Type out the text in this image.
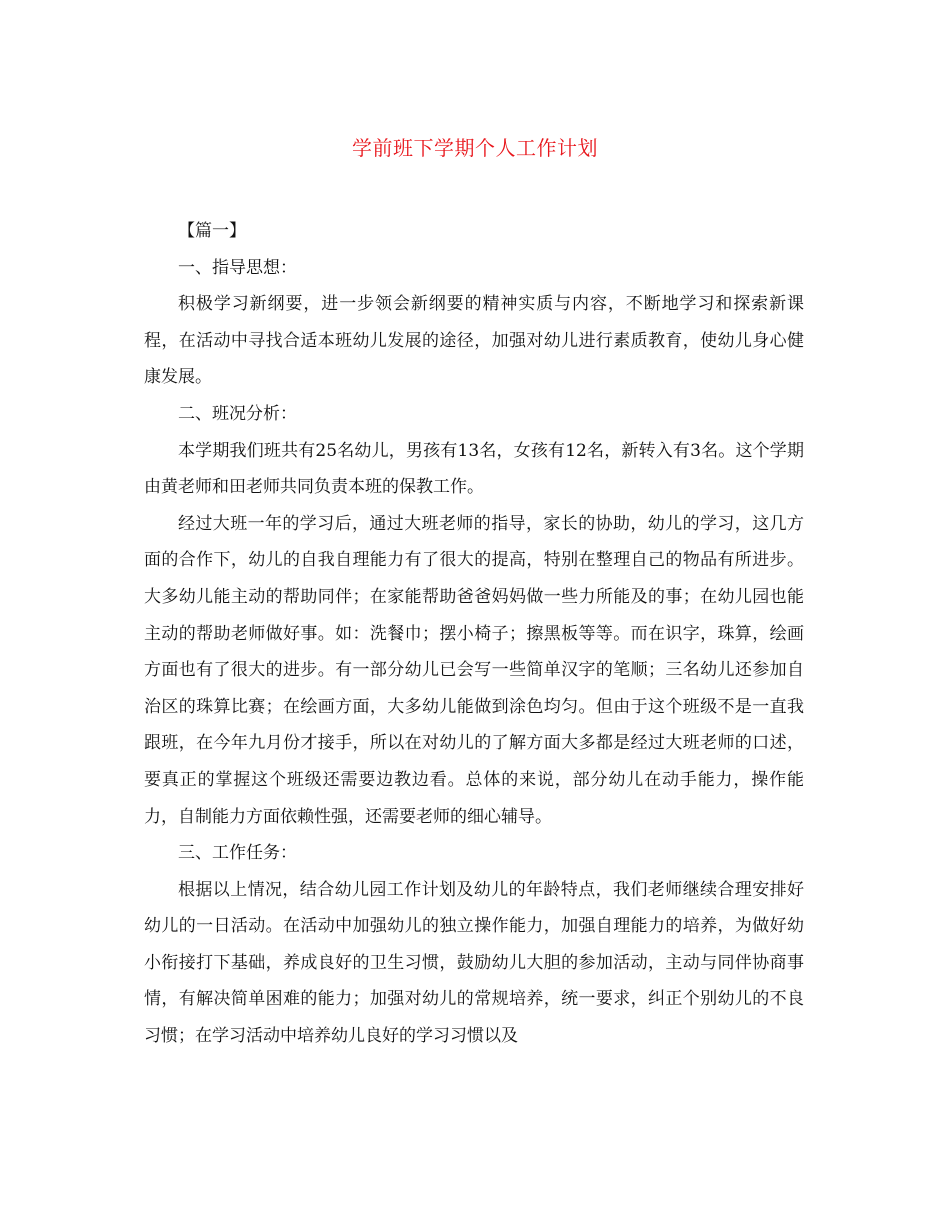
学前班下学期个人工作计划

【篇一】

一、指导思想：

积极学习新纲要，进一步领会新纲要的精神实质与内容，不断地学习和探索新课程，在活动中寻找合适本班幼儿发展的途径，加强对幼儿进行素质教育，使幼儿身心健康发展。

二、班况分析：

本学期我们班共有25名幼儿，男孩有13名，女孩有12名，新转入有3名。这个学期由黄老师和田老师共同负责本班的保教工作。

经过大班一年的学习后，通过大班老师的指导，家长的协助，幼儿的学习，这几方面的合作下，幼儿的自我自理能力有了很大的提高，特别在整理自己的物品有所进步。大多幼儿能主动的帮助同伴；在家能帮助爸爸妈妈做一些力所能及的事；在幼儿园也能主动的帮助老师做好事。如：洗餐巾；摆小椅子；擦黑板等等。而在识字，珠算，绘画方面也有了很大的进步。有一部分幼儿已会写一些简单汉字的笔顺；三名幼儿还参加自治区的珠算比赛；在绘画方面，大多幼儿能做到涂色均匀。但由于这个班级不是一直我跟班，在今年九月份才接手，所以在对幼儿的了解方面大多都是经过大班老师的口述，要真正的掌握这个班级还需要边教边看。总体的来说，部分幼儿在动手能力，操作能力，自制能力方面依赖性强，还需要老师的细心辅导。

三、工作任务：

根据以上情况，结合幼儿园工作计划及幼儿的年龄特点，我们老师继续合理安排好幼儿的一日活动。在活动中加强幼儿的独立操作能力，加强自理能力的培养，为做好幼小衔接打下基础，养成良好的卫生习惯，鼓励幼儿大胆的参加活动，主动与同伴协商事情，有解决简单困难的能力；加强对幼儿的常规培养，统一要求，纠正个别幼儿的不良习惯；在学习活动中培养幼儿良好的学习习惯以及
